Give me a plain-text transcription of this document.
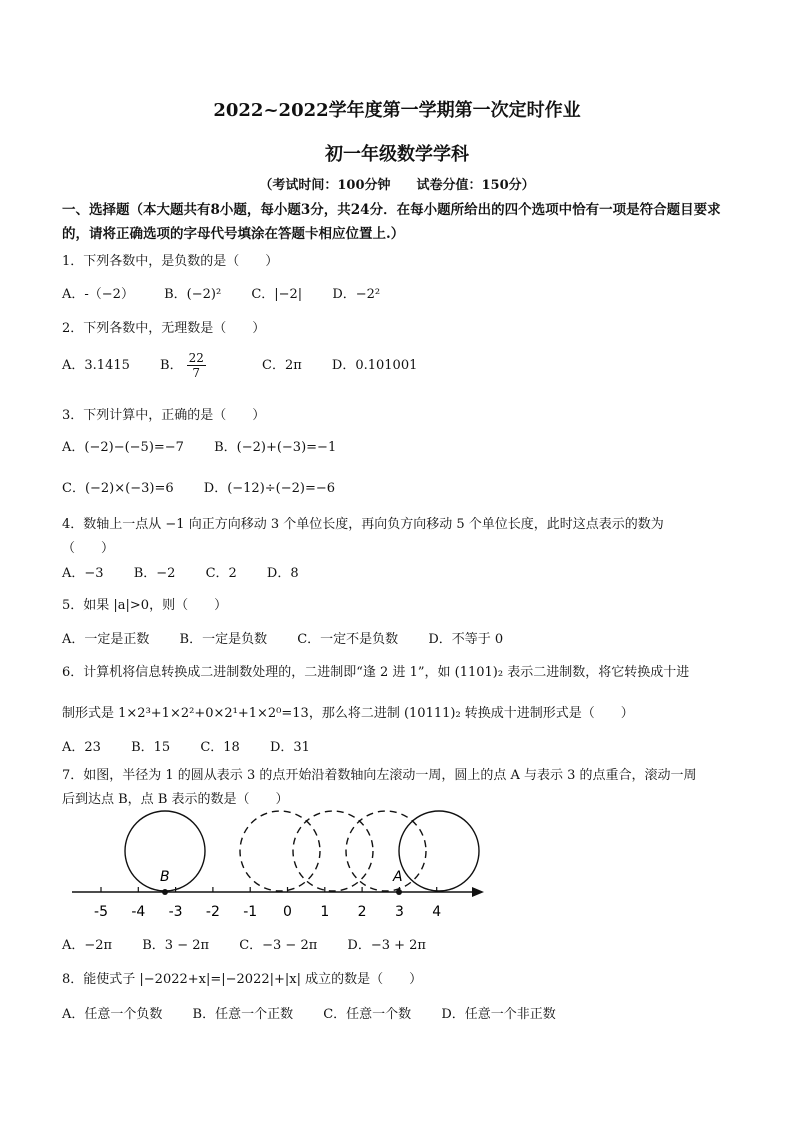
2022~2022学年度第一学期第一次定时作业
初一年级数学学科
（考试时间：100分钟　　试卷分值：150分）
一、选择题（本大题共有8小题，每小题3分，共24分．在每小题所给出的四个选项中恰有一项是符合题目要求的，请将正确选项的字母代号填涂在答题卡相应位置上.）
1．下列各数中，是负数的是（　　）
A．-（−2） B．(−2)² C．|−2| D．−2²
2．下列各数中，无理数是（　　）
A．3.1415 B． $\frac{22}{7}$ C．2π D．0.101001
3．下列计算中，正确的是（　　）
A．(−2)−(−5)=−7 B．(−2)+(−3)=−1
C．(−2)×(−3)=6 D．(−12)÷(−2)=−6
4．数轴上一点从 −1 向正方向移动 3 个单位长度，再向负方向移动 5 个单位长度，此时这点表示的数为
（　　）
A．−3 B．−2 C．2 D．8
5．如果 |a|>0，则（　　）
A．一定是正数 B．一定是负数 C．一定不是负数 D．不等于 0
6．计算机将信息转换成二进制数处理的，二进制即“逢 2 进 1”，如 (1101)₂ 表示二进制数，将它转换成十进
制形式是 1×2³+1×2²+0×2¹+1×2⁰=13，那么将二进制 (10111)₂ 转换成十进制形式是（　　）
A．23 B．15 C．18 D．31
7．如图，半径为 1 的圆从表示 3 的点开始沿着数轴向左滚动一周，圆上的点 A 与表示 3 的点重合，滚动一周
后到达点 B，点 B 表示的数是（　　）
-5 -4 -3 -2 -1 0 1 2 3 4
B	A
A．−2π B．3 − 2π C．−3 − 2π D．−3 + 2π
8．能使式子 |−2022+x|=|−2022|+|x| 成立的数是（　　）
A．任意一个负数 B．任意一个正数 C．任意一个数 D．任意一个非正数
